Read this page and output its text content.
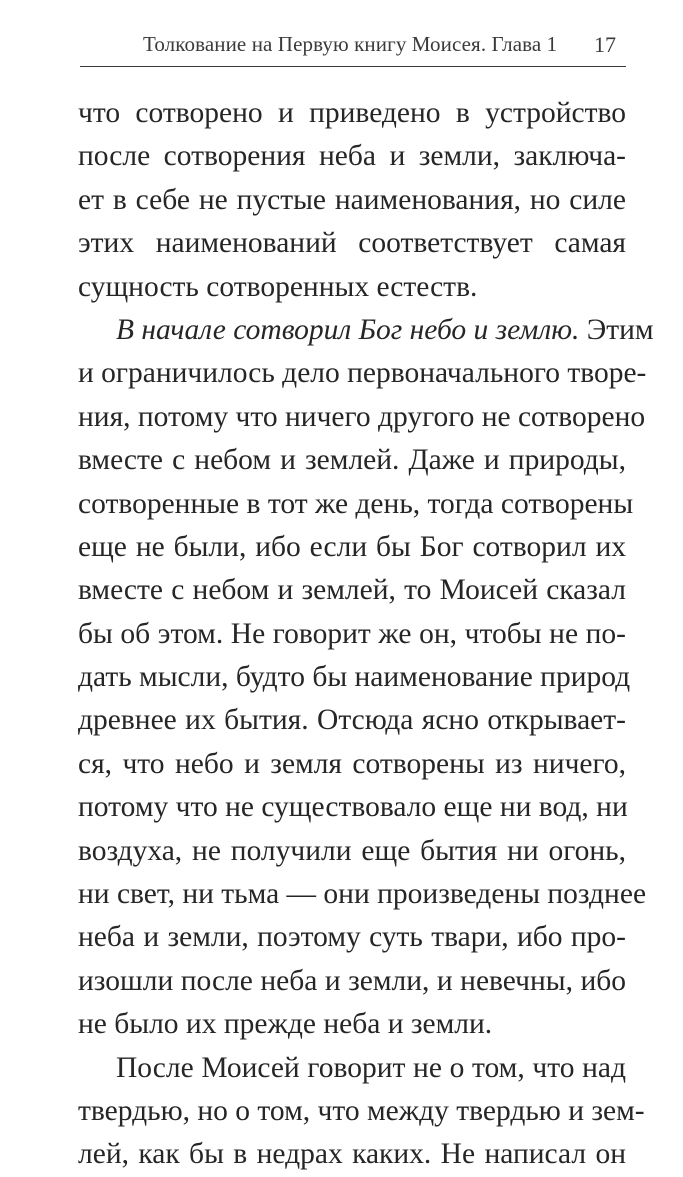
Толкование на Первую книгу Моисея. Глава 1 17
что сотворено и приведено в устройство
после сотворения неба и земли, заключа-
ет в себе не пустые наименования, но силе
этих наименований соответствует самая
сущность сотворенных естеств.
В начале сотворил Бог небо и землю. Этим
и ограничилось дело первоначального творе-
ния, потому что ничего другого не сотворено
вместе с небом и землей. Даже и природы,
сотворенные в тот же день, тогда сотворены
еще не были, ибо если бы Бог сотворил их
вместе с небом и землей, то Моисей сказал
бы об этом. Не говорит же он, чтобы не по-
дать мысли, будто бы наименование природ
древнее их бытия. Отсюда ясно открывает-
ся, что небо и земля сотворены из ничего,
потому что не существовало еще ни вод, ни
воздуха, не получили еще бытия ни огонь,
ни свет, ни тьма — они произведены позднее
неба и земли, поэтому суть твари, ибо про-
изошли после неба и земли, и невечны, ибо
не было их прежде неба и земли.
После Моисей говорит не о том, что над
твердью, но о том, что между твердью и зем-
лей, как бы в недрах каких. Не написал он
